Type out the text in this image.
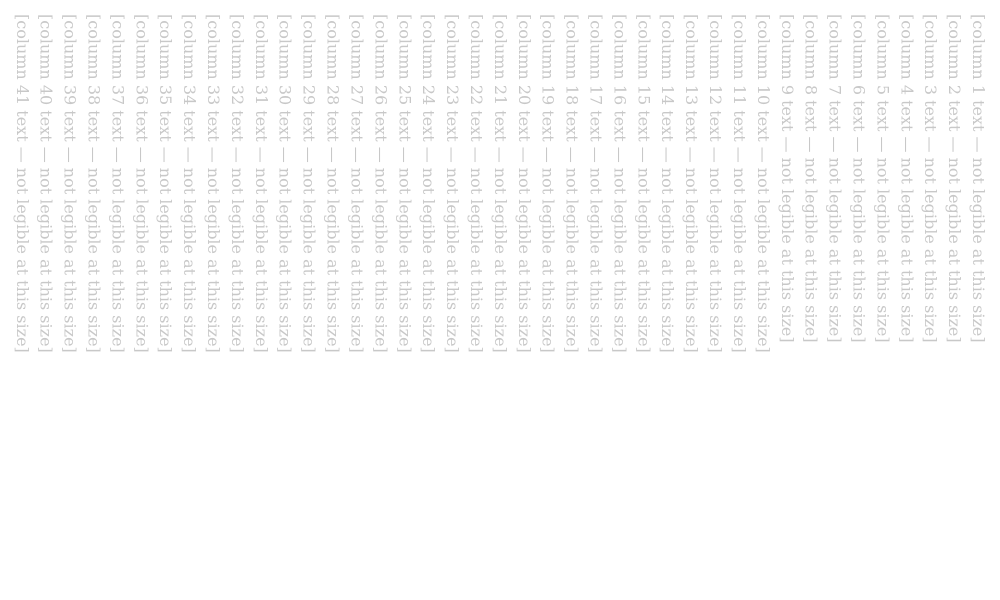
[column 1 text — not legible at this size]
[column 2 text — not legible at this size]
[column 3 text — not legible at this size]
[column 4 text — not legible at this size]
[column 5 text — not legible at this size]
[column 6 text — not legible at this size]
[column 7 text — not legible at this size]
[column 8 text — not legible at this size]
[column 9 text — not legible at this size]
[column 10 text — not legible at this size]
[column 11 text — not legible at this size]
[column 12 text — not legible at this size]
[column 13 text — not legible at this size]
[column 14 text — not legible at this size]
[column 15 text — not legible at this size]
[column 16 text — not legible at this size]
[column 17 text — not legible at this size]
[column 18 text — not legible at this size]
[column 19 text — not legible at this size]
[column 20 text — not legible at this size]
[column 21 text — not legible at this size]
[column 22 text — not legible at this size]
[column 23 text — not legible at this size]
[column 24 text — not legible at this size]
[column 25 text — not legible at this size]
[column 26 text — not legible at this size]
[column 27 text — not legible at this size]
[column 28 text — not legible at this size]
[column 29 text — not legible at this size]
[column 30 text — not legible at this size]
[column 31 text — not legible at this size]
[column 32 text — not legible at this size]
[column 33 text — not legible at this size]
[column 34 text — not legible at this size]
[column 35 text — not legible at this size]
[column 36 text — not legible at this size]
[column 37 text — not legible at this size]
[column 38 text — not legible at this size]
[column 39 text — not legible at this size]
[column 40 text — not legible at this size]
[column 41 text — not legible at this size]
